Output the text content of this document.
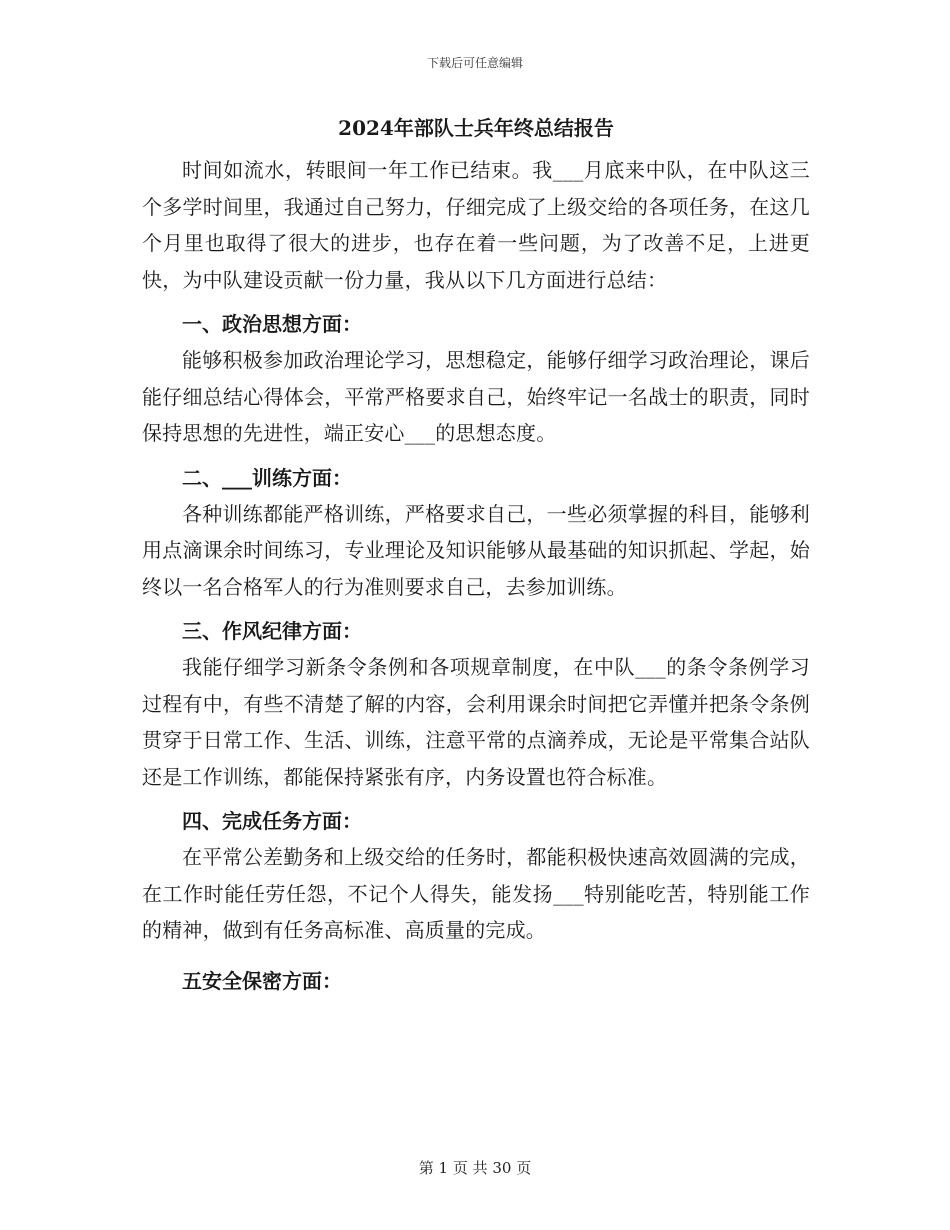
下载后可任意编辑
2024年部队士兵年终总结报告

时间如流水，转眼间一年工作已结束。我___月底来中队，在中队这三个多学时间里，我通过自己努力，仔细完成了上级交给的各项任务，在这几个月里也取得了很大的进步，也存在着一些问题，为了改善不足，上进更快，为中队建设贡献一份力量，我从以下几方面进行总结：

一、政治思想方面：

能够积极参加政治理论学习，思想稳定，能够仔细学习政治理论，课后能仔细总结心得体会，平常严格要求自己，始终牢记一名战士的职责，同时保持思想的先进性，端正安心___的思想态度。

二、___训练方面：

各种训练都能严格训练，严格要求自己，一些必须掌握的科目，能够利用点滴课余时间练习，专业理论及知识能够从最基础的知识抓起、学起，始终以一名合格军人的行为准则要求自己，去参加训练。

三、作风纪律方面：

我能仔细学习新条令条例和各项规章制度，在中队___的条令条例学习过程有中，有些不清楚了解的内容，会利用课余时间把它弄懂并把条令条例贯穿于日常工作、生活、训练，注意平常的点滴养成，无论是平常集合站队还是工作训练，都能保持紧张有序，内务设置也符合标准。

四、完成任务方面：

在平常公差勤务和上级交给的任务时，都能积极快速高效圆满的完成，在工作时能任劳任怨，不记个人得失，能发扬___特别能吃苦，特别能工作的精神，做到有任务高标准、高质量的完成。

五安全保密方面：
第 1 页 共 30 页
